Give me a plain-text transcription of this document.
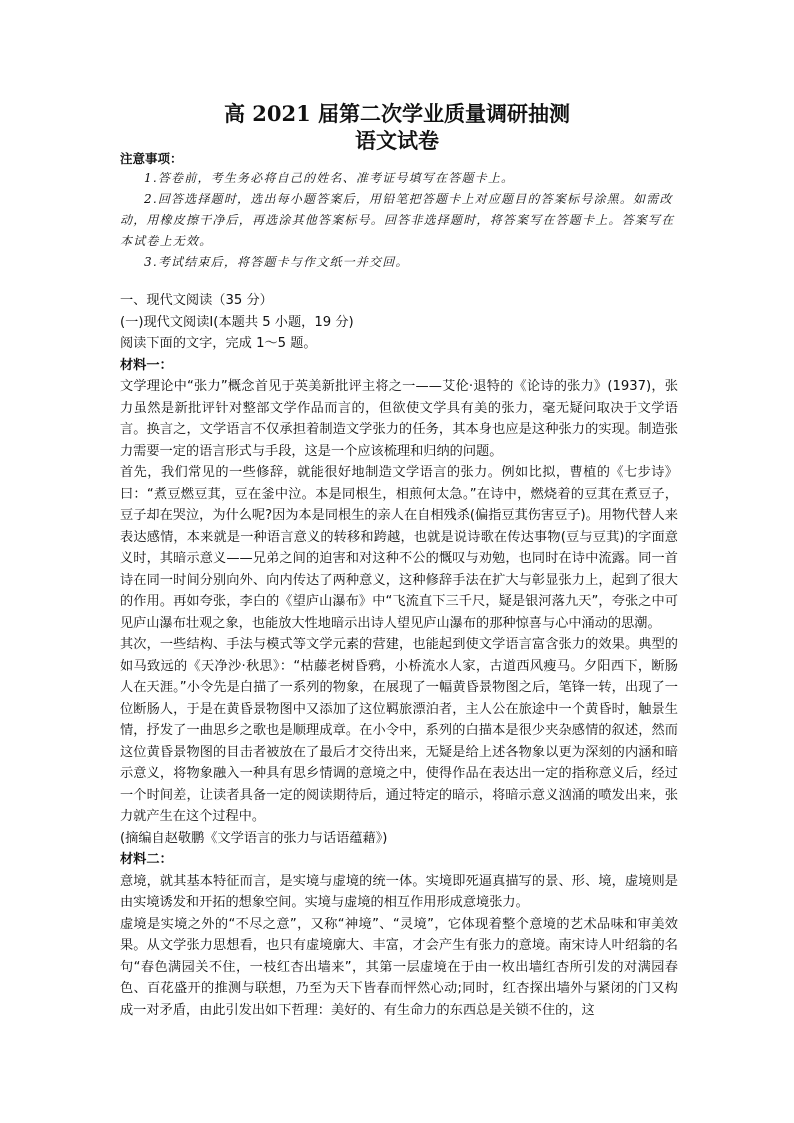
高 2021 届第二次学业质量调研抽测
语文试卷
注意事项：

1.答卷前，考生务必将自己的姓名、准考证号填写在答题卡上。

2.回答选择题时，选出每小题答案后，用铅笔把答题卡上对应题目的答案标号涂黑。如需改动，用橡皮擦干净后，再选涂其他答案标号。回答非选择题时，将答案写在答题卡上。答案写在本试卷上无效。

3.考试结束后，将答题卡与作文纸一并交回。

一、现代文阅读（35 分）

(一)现代文阅读Ⅰ(本题共 5 小题，19 分)

阅读下面的文字，完成 1～5 题。

材料一：

文学理论中“张力”概念首见于英美新批评主将之一——艾伦·退特的《论诗的张力》(1937)，张力虽然是新批评针对整部文学作品而言的，但欲使文学具有美的张力，毫无疑问取决于文学语言。换言之，文学语言不仅承担着制造文学张力的任务，其本身也应是这种张力的实现。制造张力需要一定的语言形式与手段，这是一个应该梳理和归纳的问题。

首先，我们常见的一些修辞，就能很好地制造文学语言的张力。例如比拟，曹植的《七步诗》曰：“煮豆燃豆萁，豆在釜中泣。本是同根生，相煎何太急。”在诗中，燃烧着的豆萁在煮豆子，豆子却在哭泣，为什么呢?因为本是同根生的亲人在自相残杀(偏指豆萁伤害豆子)。用物代替人来表达感情，本来就是一种语言意义的转移和跨越，也就是说诗歌在传达事物(豆与豆萁)的字面意义时，其暗示意义——兄弟之间的迫害和对这种不公的慨叹与劝勉，也同时在诗中流露。同一首诗在同一时间分别向外、向内传达了两种意义，这种修辞手法在扩大与彰显张力上，起到了很大的作用。再如夸张，李白的《望庐山瀑布》中“飞流直下三千尺，疑是银河落九天”，夸张之中可见庐山瀑布壮观之象，也能放大性地暗示出诗人望见庐山瀑布的那种惊喜与心中涌动的思潮。

其次，一些结构、手法与模式等文学元素的营建，也能起到使文学语言富含张力的效果。典型的如马致远的《天净沙·秋思》：“枯藤老树昏鸦，小桥流水人家，古道西风瘦马。夕阳西下，断肠人在天涯。”小令先是白描了一系列的物象，在展现了一幅黄昏景物图之后，笔锋一转，出现了一位断肠人，于是在黄昏景物图中又添加了这位羁旅漂泊者，主人公在旅途中一个黄昏时，触景生情，抒发了一曲思乡之歌也是顺理成章。在小令中，系列的白描本是很少夹杂感情的叙述，然而这位黄昏景物图的目击者被放在了最后才交待出来，无疑是给上述各物象以更为深刻的内涵和暗示意义，将物象融入一种具有思乡情调的意境之中，使得作品在表达出一定的指称意义后，经过一个时间差，让读者具备一定的阅读期待后，通过特定的暗示，将暗示意义汹涌的喷发出来，张力就产生在这个过程中。

(摘编自赵敬鹏《文学语言的张力与话语蕴藉》)

材料二：

意境，就其基本特征而言，是实境与虚境的统一体。实境即死逼真描写的景、形、境，虚境则是由实境诱发和开拓的想象空间。实境与虚境的相互作用形成意境张力。

虚境是实境之外的“不尽之意”，又称“神境”、“灵境”，它体现着整个意境的艺术品味和审美效果。从文学张力思想看，也只有虚境廓大、丰富，才会产生有张力的意境。南宋诗人叶绍翁的名句“春色满园关不住，一枝红杏出墙来”，其第一层虚境在于由一枚出墙红杏所引发的对满园春色、百花盛开的推测与联想，乃至为天下皆春而怦然心动;同时，红杏探出墙外与紧闭的门又构成一对矛盾，由此引发出如下哲理：美好的、有生命力的东西总是关锁不住的，这
